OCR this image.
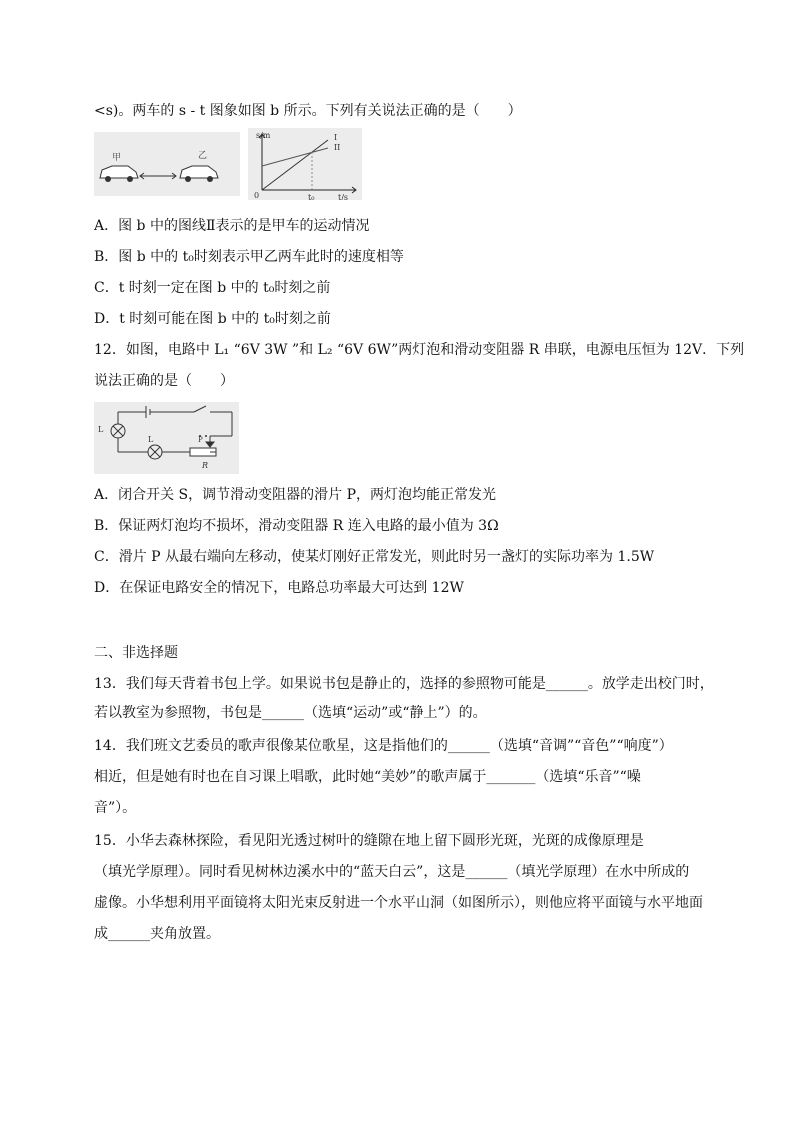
<s)。两车的 s - t 图象如图 b 所示。下列有关说法正确的是（　　）
甲	乙
s/m
t/s
0	t₀
I
II
A．图 b 中的图线Ⅱ表示的是甲车的运动情况
B．图 b 中的 t₀时刻表示甲乙两车此时的速度相等
C．t 时刻一定在图 b 中的 t₀时刻之前
D．t 时刻可能在图 b 中的 t₀时刻之前
12．如图，电路中 L₁ “6V 3W ”和 L₂ “6V 6W”两灯泡和滑动变阻器 R 串联，电源电压恒为 12V．下列
说法正确的是（　　）
L
L	P
R
A．闭合开关 S，调节滑动变阻器的滑片 P，两灯泡均能正常发光
B．保证两灯泡均不损坏，滑动变阻器 R 连入电路的最小值为 3Ω
C．滑片 P 从最右端向左移动，使某灯刚好正常发光，则此时另一盏灯的实际功率为 1.5W
D．在保证电路安全的情况下，电路总功率最大可达到 12W
二、非选择题
13．我们每天背着书包上学。如果说书包是静止的，选择的参照物可能是______。放学走出校门时，
若以教室为参照物，书包是______（选填“运动”或“静上”）的。
14．我们班文艺委员的歌声很像某位歌星，这是指他们的______（选填“音调”“音色”“响度”）
相近，但是她有时也在自习课上唱歌，此时她“美妙”的歌声属于_______（选填“乐音”“噪
音”）。
15．小华去森林探险，看见阳光透过树叶的缝隙在地上留下圆形光斑，光斑的成像原理是
（填光学原理）。同时看见树林边溪水中的“蓝天白云”，这是______（填光学原理）在水中所成的
虚像。小华想利用平面镜将太阳光束反射进一个水平山洞（如图所示），则他应将平面镜与水平地面
成______夹角放置。
